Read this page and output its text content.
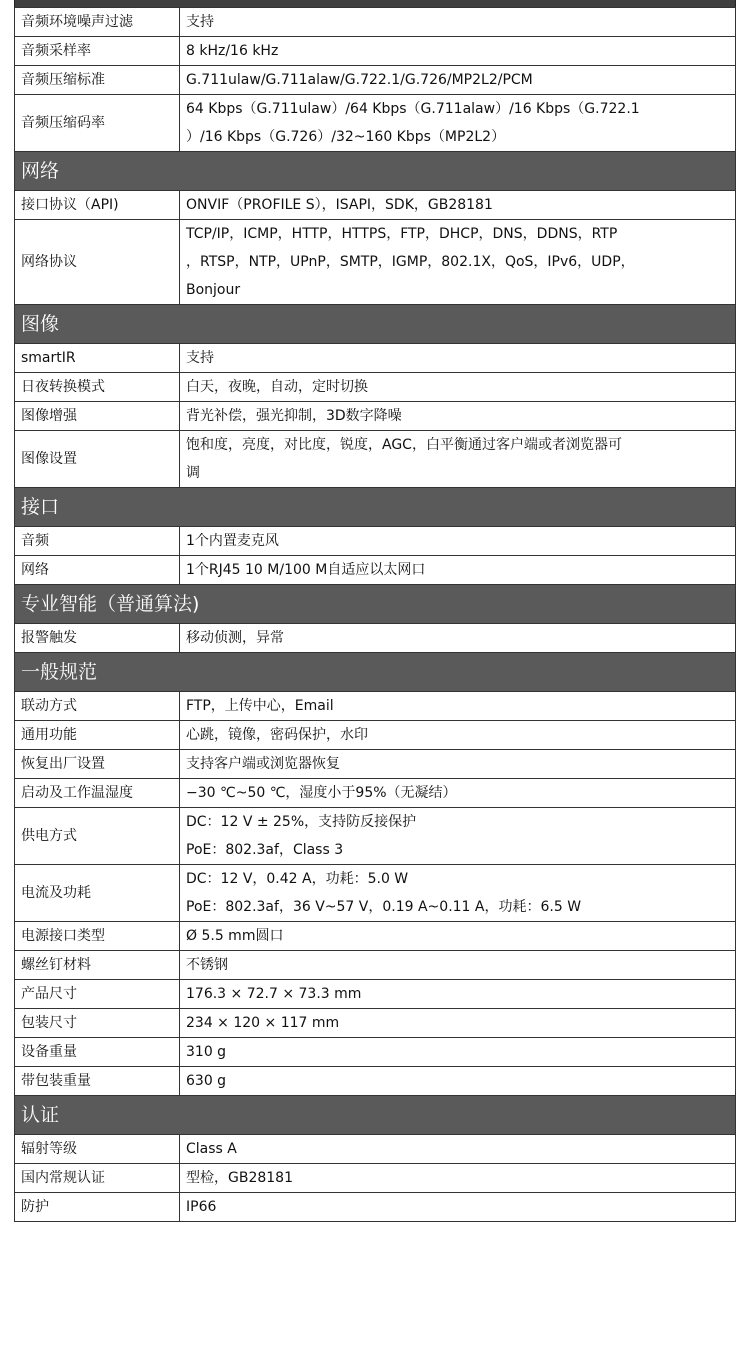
音频环境噪声过滤	支持

音频采样率	8 kHz/16 kHz

音频压缩标准	G.711ulaw/G.711alaw/G.722.1/G.726/MP2L2/PCM

音频压缩码率	64 Kbps（G.711ulaw）/64 Kbps（G.711alaw）/16 Kbps（G.722.1
）/16 Kbps（G.726）/32~160 Kbps（MP2L2）

网络	
接口协议（API)	ONVIF（PROFILE S），ISAPI，SDK，GB28181

网络协议	TCP/IP，ICMP，HTTP，HTTPS，FTP，DHCP，DNS，DDNS，RTP
，RTSP，NTP，UPnP，SMTP，IGMP，802.1X，QoS，IPv6，UDP，
Bonjour

图像	
smartIR	支持

日夜转换模式	白天，夜晚，自动，定时切换

图像增强	背光补偿，强光抑制，3D数字降噪

图像设置	饱和度，亮度，对比度，锐度，AGC，白平衡通过客户端或者浏览器可
调

接口	
音频	1个内置麦克风

网络	1个RJ45 10 M/100 M自适应以太网口

专业智能（普通算法)	
报警触发	移动侦测，异常

一般规范	
联动方式	FTP，上传中心，Email

通用功能	心跳，镜像，密码保护，水印

恢复出厂设置	支持客户端或浏览器恢复

启动及工作温湿度	−30 ℃~50 ℃，湿度小于95%（无凝结）

供电方式	DC：12 V ± 25%，支持防反接保护
PoE：802.3af，Class 3

电流及功耗	DC：12 V，0.42 A，功耗：5.0 W
PoE：802.3af，36 V~57 V，0.19 A~0.11 A，功耗：6.5 W

电源接口类型	Ø 5.5 mm圆口

螺丝钉材料	不锈钢

产品尺寸	176.3 × 72.7 × 73.3 mm

包装尺寸	234 × 120 × 117 mm

设备重量	310 g

带包装重量	630 g

认证	
辐射等级	Class A

国内常规认证	型检，GB28181

防护	IP66
